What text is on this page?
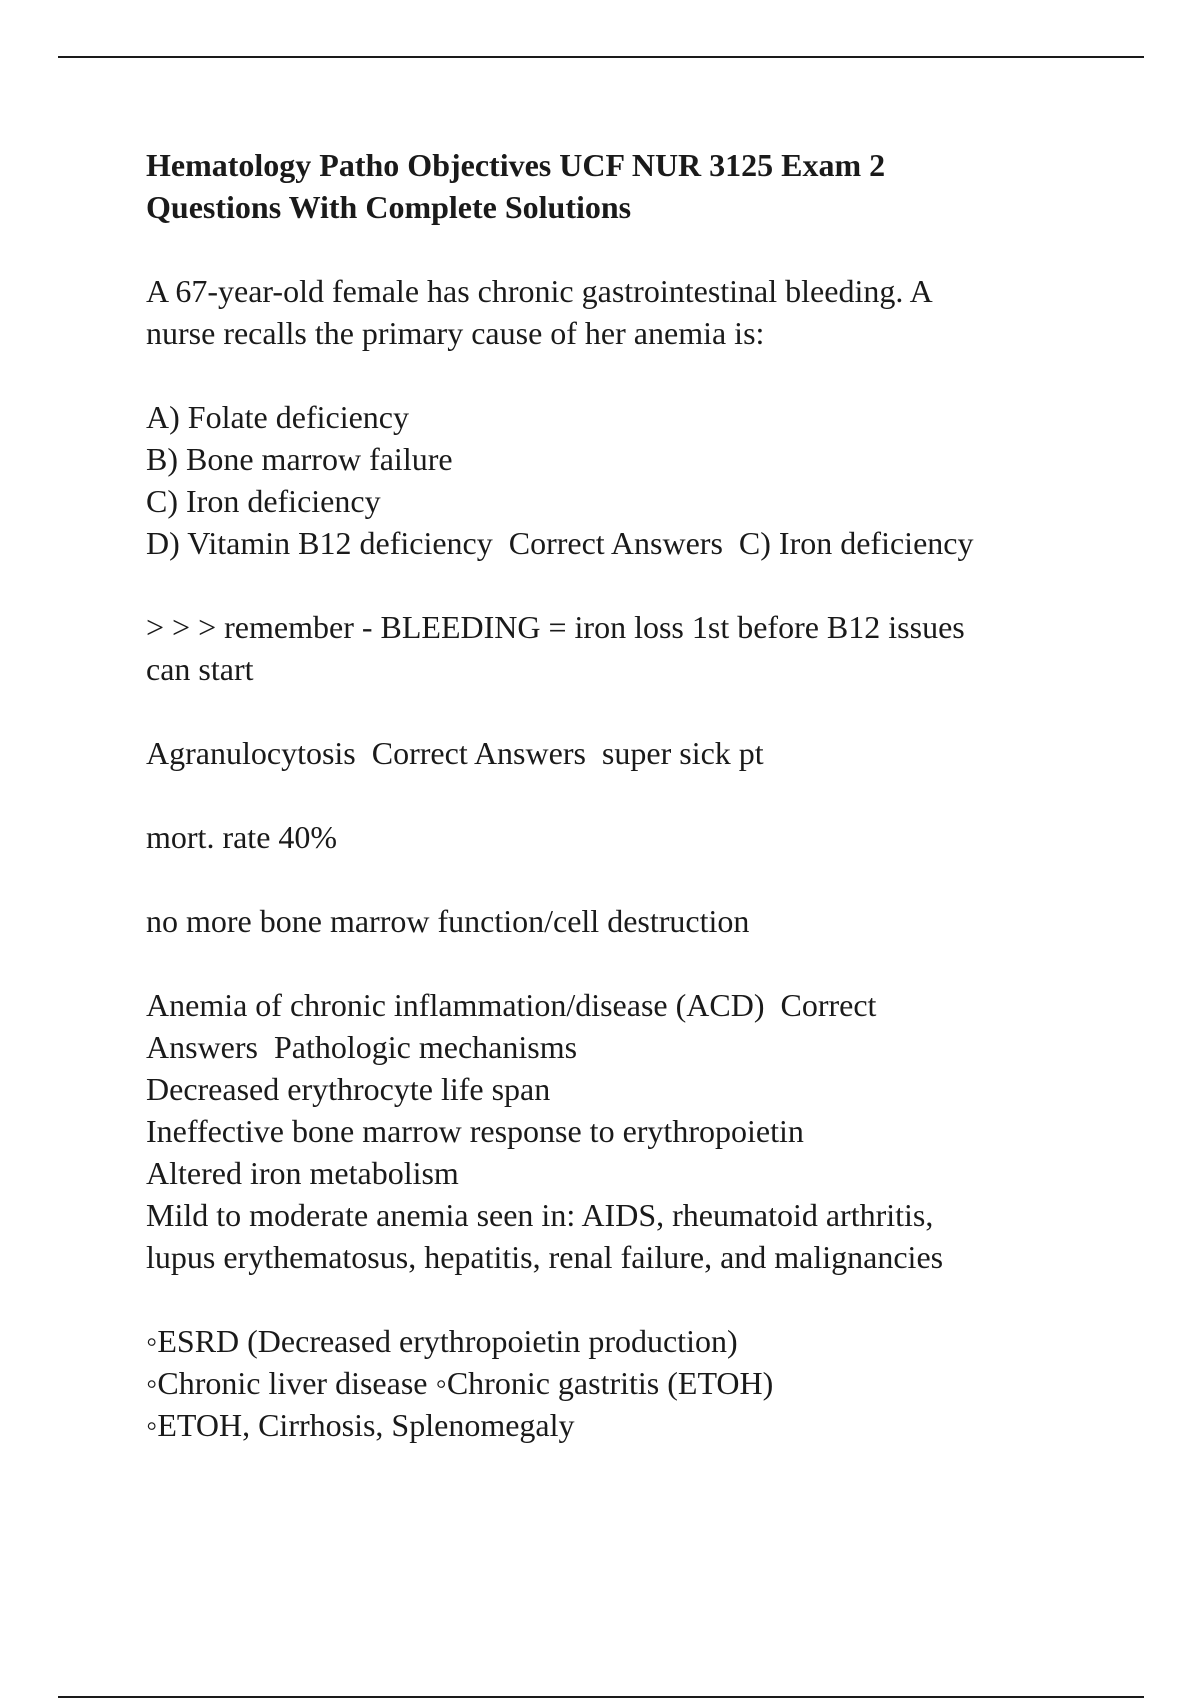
Hematology Patho Objectives UCF NUR 3125 Exam 2
Questions With Complete Solutions
A 67-year-old female has chronic gastrointestinal bleeding. A
nurse recalls the primary cause of her anemia is:
A) Folate deficiency
B) Bone marrow failure
C) Iron deficiency
D) Vitamin B12 deficiency  Correct Answers  C) Iron deficiency
> > > remember - BLEEDING = iron loss 1st before B12 issues
can start
Agranulocytosis  Correct Answers  super sick pt
mort. rate 40%
no more bone marrow function/cell destruction
Anemia of chronic inflammation/disease (ACD)  Correct
Answers  Pathologic mechanisms
Decreased erythrocyte life span
Ineffective bone marrow response to erythropoietin
Altered iron metabolism
Mild to moderate anemia seen in: AIDS, rheumatoid arthritis,
lupus erythematosus, hepatitis, renal failure, and malignancies
◦ESRD (Decreased erythropoietin production)
◦Chronic liver disease ◦Chronic gastritis (ETOH)
◦ETOH, Cirrhosis, Splenomegaly
